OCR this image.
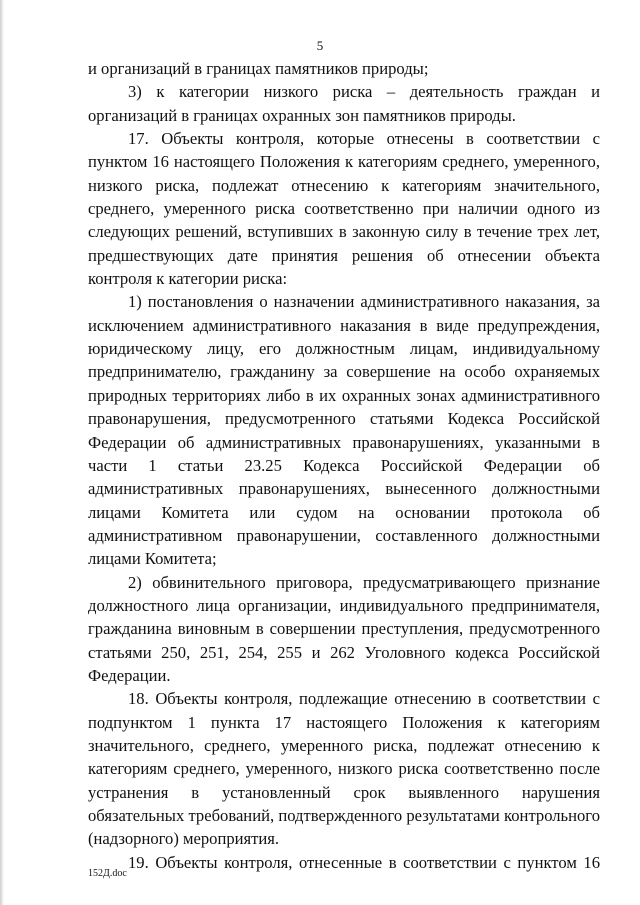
5

и организаций в границах памятников природы;

3) к категории низкого риска – деятельность граждан и организаций в границах охранных зон памятников природы.

17. Объекты контроля, которые отнесены в соответствии с пунктом 16 настоящего Положения к категориям среднего, умеренного, низкого риска, подлежат отнесению к категориям значительного, среднего, умеренного риска соответственно при наличии одного из следующих решений, вступивших в законную силу в течение трех лет, предшествующих дате принятия решения об отнесении объекта контроля к категории риска:

1) постановления о назначении административного наказания, за исключением административного наказания в виде предупреждения, юридическому лицу, его должностным лицам, индивидуальному предпринимателю, гражданину за совершение на особо охраняемых природных территориях либо в их охранных зонах административного правонарушения, предусмотренного статьями Кодекса Российской Федерации об административных правонарушениях, указанными в части 1 статьи 23.25 Кодекса Российской Федерации об административных правонарушениях, вынесенного должностными лицами Комитета или судом на основании протокола об административном правонарушении, составленного должностными лицами Комитета;

2) обвинительного приговора, предусматривающего признание должностного лица организации, индивидуального предпринимателя, гражданина виновным в совершении преступления, предусмотренного статьями 250, 251, 254, 255 и 262 Уголовного кодекса Российской Федерации.

18. Объекты контроля, подлежащие отнесению в соответствии с подпунктом 1 пункта 17 настоящего Положения к категориям значительного, среднего, умеренного риска, подлежат отнесению к категориям среднего, умеренного, низкого риска соответственно после устранения в установленный срок выявленного нарушения обязательных требований, подтвержденного результатами контрольного (надзорного) мероприятия.

19. Объекты контроля, отнесенные в соответствии с пунктом 16

152Д.doc
